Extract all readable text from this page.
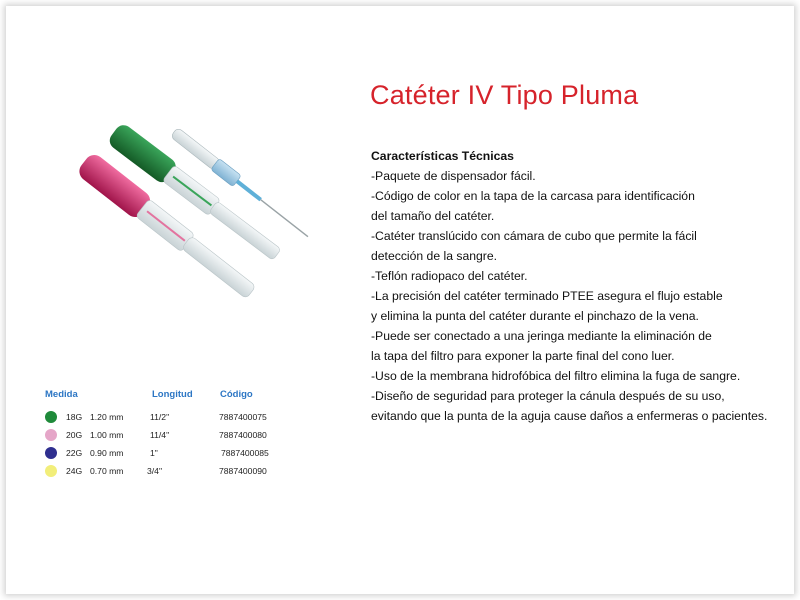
Catéter IV Tipo Pluma
Características Técnicas
-Paquete de dispensador fácil.
-Código de color en la tapa de la carcasa para identificación
del tamaño del catéter.
-Catéter translúcido con cámara de cubo que permite la fácil
detección de la sangre.
-Teflón radiopaco del catéter.
-La precisión del catéter terminado PTEE asegura el flujo estable
y elimina la punta del catéter durante el pinchazo de la vena.
-Puede ser conectado a una jeringa mediante la eliminación de
la tapa del filtro para exponer la parte final del cono luer.
-Uso de la membrana hidrofóbica del filtro elimina la fuga de sangre.
-Diseño de seguridad para proteger la cánula después de su uso,
evitando que la punta de la aguja cause daños a enfermeras o pacientes.
Medida	Longitud	Código
18G 1.20 mm	11/2"	7887400075
20G 1.00 mm	11/4"	7887400080
22G 0.90 mm	1"	7887400085
24G 0.70 mm	3/4"	7887400090
